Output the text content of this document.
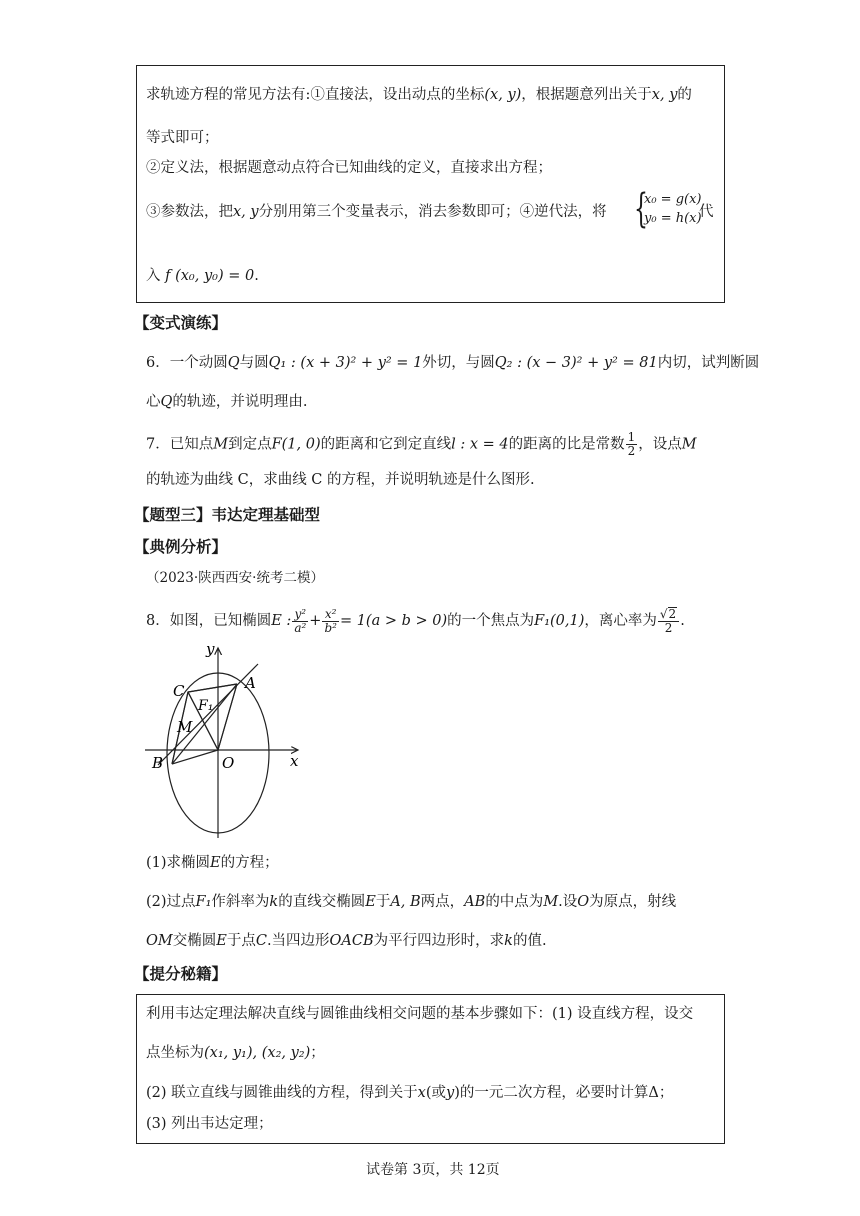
求轨迹方程的常见方法有:①直接法，设出动点的坐标(x, y)，根据题意列出关于x, y的
等式即可；
②定义法，根据题意动点符合已知曲线的定义，直接求出方程；
③参数法，把x, y分别用第三个变量表示，消去参数即可；④逆代法，将 {
x₀ = g(x)
y₀ = h(x)
代
入 f (x₀, y₀) = 0.
【变式演练】
6．一个动圆Q与圆Q₁ : (x + 3)² + y² = 1外切，与圆Q₂ : (x − 3)² + y² = 81内切，试判断圆
心Q的轨迹，并说明理由.
7．已知点M到定点F(1, 0)的距离和它到定直线l : x = 4的距离的比是常数 $\frac{1}{2}$ ，设点M
的轨迹为曲线 C，求曲线 C 的方程，并说明轨迹是什么图形.
【题型三】韦达定理基础型
【典例分析】
（2023·陕西西安·统考二模）
8．如图，已知椭圆E : $\frac{\text{y²}}{\text{a²}} + \frac{\text{x²}}{\text{b²}} = 1(a > b > 0)$的一个焦点为F₁(0,1)，离心率为 $\frac{√2}{2}$ .
y
x
A
B
C
F₁
M
O
(1)求椭圆E的方程；
(2)过点F₁作斜率为k的直线交椭圆E于A, B两点，AB的中点为M.设O为原点，射线
OM交椭圆E于点C.当四边形OACB为平行四边形时，求k的值.
【提分秘籍】
利用韦达定理法解决直线与圆锥曲线相交问题的基本步骤如下：(1) 设直线方程，设交
点坐标为(x₁, y₁), (x₂, y₂)；
(2) 联立直线与圆锥曲线的方程，得到关于x(或y)的一元二次方程，必要时计算Δ；
(3) 列出韦达定理；
试卷第 3页，共 12页
